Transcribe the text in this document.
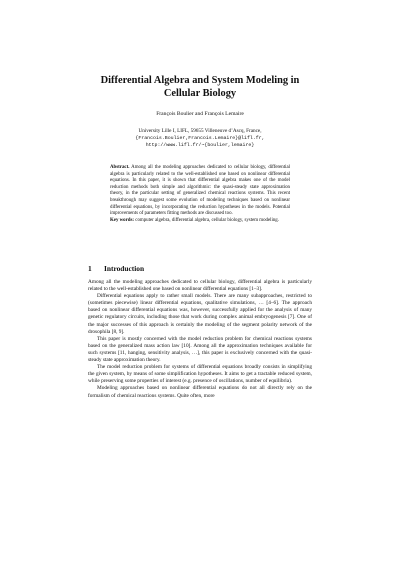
Differential Algebra and System Modeling in
Cellular Biology
François Boulier and François Lemaire
University Lille I, LIFL, 59655 Villeneuve d’Ascq, France,
{Francois.Boulier,Francois.Lemaire}@lifl.fr,
http://www.lifl.fr/~{boulier,lemaire}
Abstract. Among all the modeling approaches dedicated to cellular biology, differential algebra is particularly related to the well-established one based on nonlinear differential equations. In this paper, it is shown that differential algebra makes one of the model reduction methods both simple and algorithmic: the quasi-steady state approximation theory, in the particular setting of generalized chemical reactions systems. This recent breakthrough may suggest some evolution of modeling techniques based on nonlinear differential equations, by incorporating the reduction hypotheses in the models. Potential improvements of parameters fitting methods are discussed too.
Key words: computer algebra, differential algebra, cellular biology, system modeling.
1 Introduction

Among all the modeling approaches dedicated to cellular biology, differential algebra is particularly related to the well-established one based on nonlinear differential equations [1–3].

Differential equations apply to rather small models. There are many subapproaches, restricted to (sometimes piecewise) linear differential equations, qualitative simulations, … [4–6]. The approach based on nonlinear differential equations was, however, successfully applied for the analysis of many genetic regulatory circuits, including those that work during complex animal embryogenesis [7]. One of the major successes of this approach is certainly the modeling of the segment polarity network of the drosophila [8, 9].

This paper is mostly concerned with the model reduction problem for chemical reactions systems based on the generalized mass action law [10]. Among all the approximation techniques available for such systems [11, hanging, sensitivity analysis, …], this paper is exclusively concerned with the quasi-steady state approximation theory.

The model reduction problem for systems of differential equations broadly consists in simplifying the given system, by means of some simplification hypotheses. It aims to get a tractable reduced system, while preserving some properties of interest (e.g. presence of oscillations, number of equilibria).

Modeling approaches based on nonlinear differential equations do not all directly rely on the formalism of chemical reactions systems. Quite often, more
